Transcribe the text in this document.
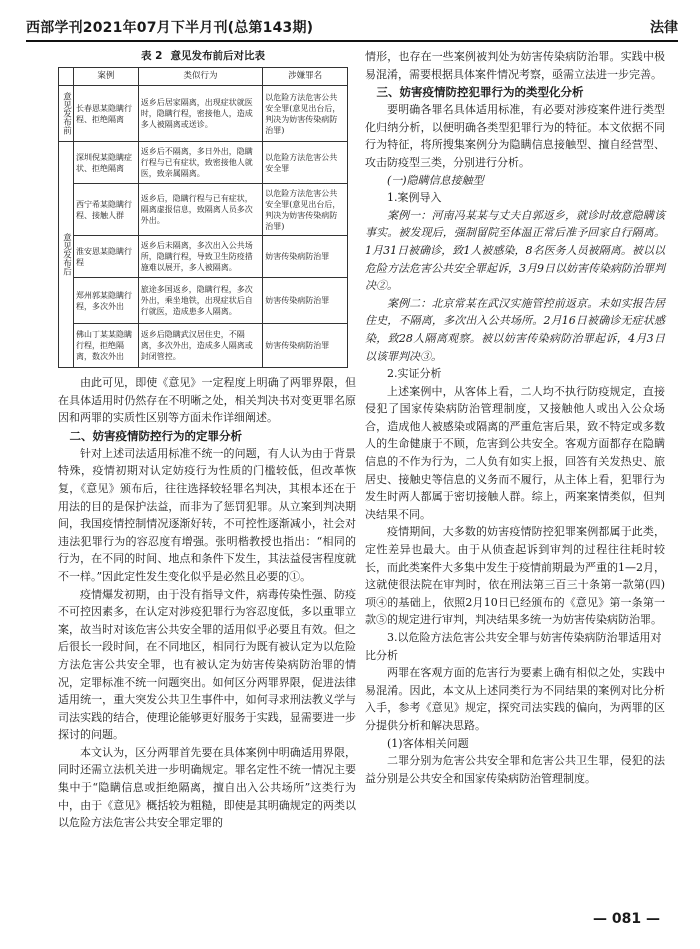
西部学刊2021年07月下半月刊(总第143期)	法律
表 2 意见发布前后对比表
	案例	类似行为	涉嫌罪名
意见发布前	长春恩某隐瞒行程、拒绝隔离	返乡后居家隔离，出现症状就医时，隐瞒行程，密接他人，造成多人被隔离或送诊。	以危险方法危害公共安全罪(意见出台后，判决为妨害传染病防治罪)
意见发布后	深圳倪某隐瞒症状、拒绝隔离	返乡后不隔离，多日外出，隐瞒行程与已有症状，致密接他人就医，致亲属隔离。	以危险方法危害公共安全罪
	西宁希某隐瞒行程、接触人群	返乡后，隐瞒行程与已有症状，隔离虚报信息，致隔离人员多次外出。	以危险方法危害公共安全罪(意见出台后，判决为妨害传染病防治罪)
	淮安恩某隐瞒行程	返乡后未隔离，多次出入公共场所，隐瞒行程，导致卫生防疫措施难以展开，多人被隔离。	妨害传染病防治罪
	郑州郭某隐瞒行程，多次外出	旅途多国返乡，隐瞒行程，多次外出，乘坐地铁，出现症状后自行就医，造成患多人隔离。	妨害传染病防治罪
	佛山丁某某隐瞒行程，拒绝隔离，数次外出	返乡后隐瞒武汉居住史，不隔离，多次外出，造成多人隔离或封闭管控。	妨害传染病防治罪

由此可见，即使《意见》一定程度上明确了两罪界限，但在具体适用时仍然存在不明晰之处，相关判决书对变更罪名原因和两罪的实质性区别等方面未作详细阐述。

二、妨害疫情防控行为的定罪分析

针对上述司法适用标准不统一的问题，有人认为由于背景特殊，疫情初期对认定妨疫行为性质的门槛较低，但改革恢复，《意见》颁布后，往往选择较轻罪名判决，其根本还在于用法的目的是保护法益，而非为了惩罚犯罪。从立案到判决期间，我国疫情控制情况逐渐好转，不可控性逐渐减小，社会对违法犯罪行为的容忍度有增强。张明楷教授也指出：“相同的行为，在不同的时间、地点和条件下发生，其法益侵害程度就不一样。”因此定性发生变化似乎是必然且必要的①。

疫情爆发初期，由于没有指导文件，病毒传染性强、防疫不可控因素多，在认定对涉疫犯罪行为容忍度低，多以重罪立案，故当时对该危害公共安全罪的适用似乎必要且有效。但之后很长一段时间，在不同地区，相同行为既有被认定为以危险方法危害公共安全罪，也有被认定为妨害传染病防治罪的情况，定罪标准不统一问题突出。如何区分两罪界限，促进法律适用统一，重大突发公共卫生事件中，如何寻求刑法教义学与司法实践的结合，使理论能够更好服务于实践，显需要进一步探讨的问题。

本文认为，区分两罪首先要在具体案例中明确适用界限，同时还需立法机关进一步明确规定。罪名定性不统一情况主要集中于“隐瞒信息或拒绝隔离，擅自出入公共场所”这类行为中，由于《意见》概括较为粗糙，即使是其明确规定的两类以以危险方法危害公共安全罪定罪的

情形，也存在一些案例被判处为妨害传染病防治罪。实践中极易混淆，需要根据具体案件情况考察，亟需立法进一步完善。

三、妨害疫情防控犯罪行为的类型化分析

要明确各罪名具体适用标准，有必要对涉疫案件进行类型化归纳分析，以便明确各类型犯罪行为的特征。本文依据不同行为特征，将所搜集案例分为隐瞒信息接触型、擅自经营型、攻击防疫型三类，分别进行分析。

(一)隐瞒信息接触型
1.案例导入

案例一：河南冯某某与丈夫自郭返乡，就诊时故意隐瞒该事实。被发现后，强制留院至体温正常后准予回家自行隔离。1月31日被确诊，致1人被感染，8名医务人员被隔离。被以以危险方法危害公共安全罪起诉，3月9日以妨害传染病防治罪判决②。

案例二：北京常某在武汉实施管控前返京。未如实报告居住史，不隔离，多次出入公共场所。2月16日被确诊无症状感染，致28人隔离观察。被以妨害传染病防治罪起诉，4月3日以该罪判决③。

2.实证分析

上述案例中，从客体上看，二人均不执行防疫规定，直接侵犯了国家传染病防治管理制度，又接触他人或出入公众场合，造成他人被感染或隔离的严重危害后果，致不特定或多数人的生命健康于不顾，危害到公共安全。客观方面都存在隐瞒信息的不作为行为，二人负有如实上报，回答有关发热史、旅居史、接触史等信息的义务而不履行，从主体上看，犯罪行为发生时两人都属于密切接触人群。综上，两案案情类似，但判决结果不同。

疫情期间，大多数的妨害疫情防控犯罪案例都属于此类，定性差异也最大。由于从侦查起诉到审判的过程往往耗时较长，而此类案件大多集中发生于疫情前期最为严重的1—2月，这就使很法院在审判时，依在刑法第三百三十条第一款第(四)项④的基础上，依照2月10日已经颁布的《意见》第一条第一款⑤的规定进行审判，判决结果多统一为妨害传染病防治罪。

3.以危险方法危害公共安全罪与妨害传染病防治罪适用对比分析

两罪在客观方面的危害行为要素上确有相似之处，实践中易混淆。因此，本文从上述同类行为不同结果的案例对比分析入手，参考《意见》规定，探究司法实践的偏向，为两罪的区分提供分析和解决思路。

(1)客体相关问题

二罪分别为危害公共安全罪和危害公共卫生罪，侵犯的法益分别是公共安全和国家传染病防治管理制度。

— 081 —
